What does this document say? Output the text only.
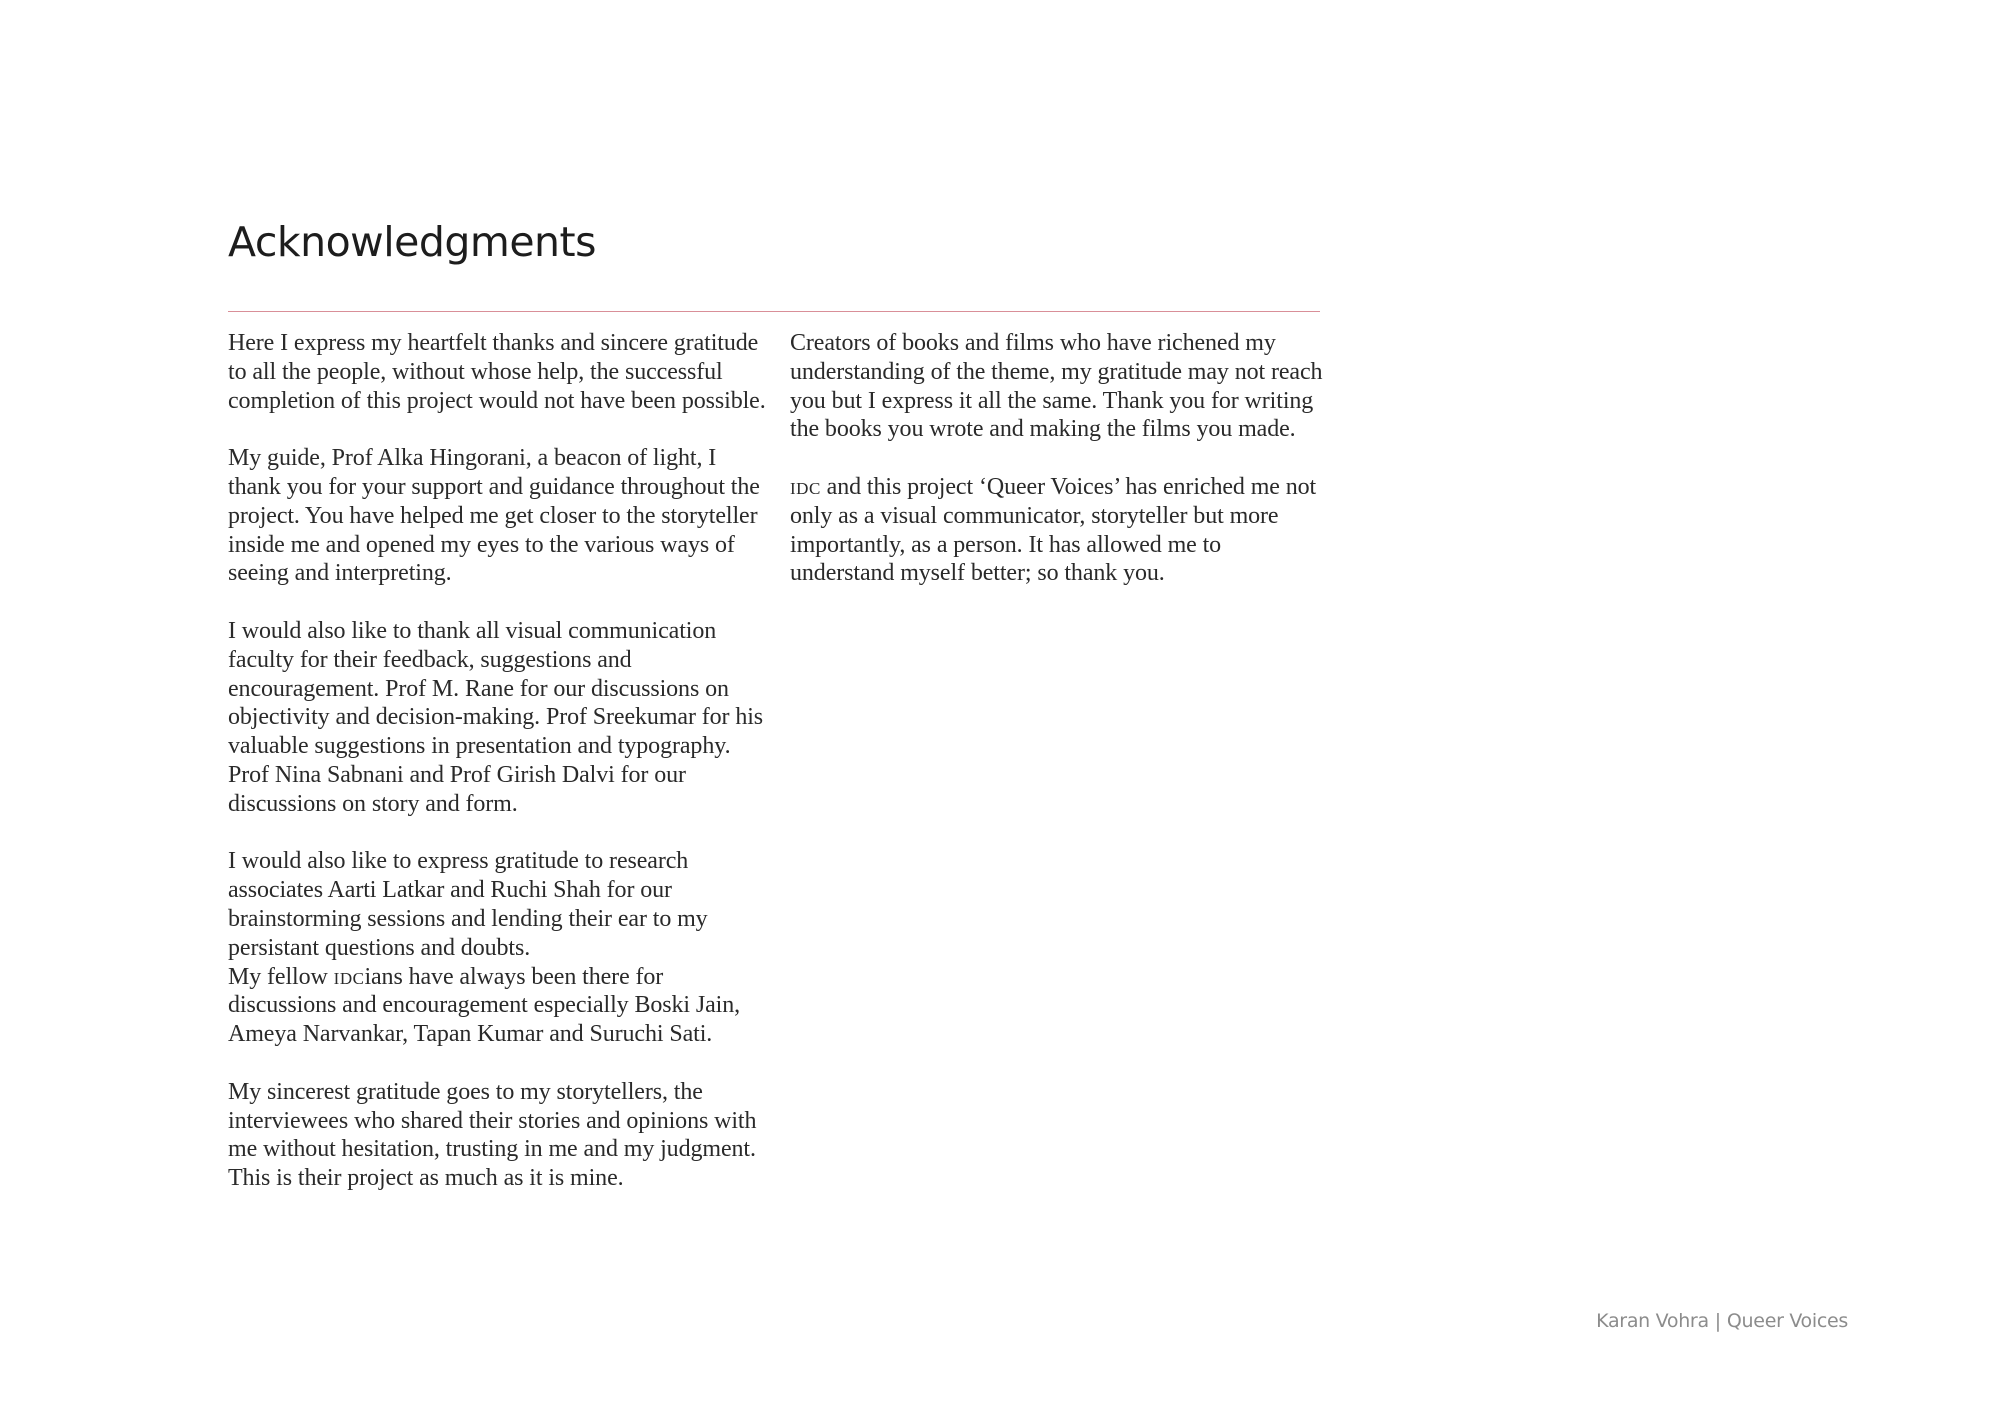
Acknowledgments

Here I express my heartfelt thanks and sincere gratitude to all the people, without whose help, the successful completion of this project would not have been possible.

My guide, Prof Alka Hingorani, a beacon of light, I thank you for your support and guidance throughout the project. You have helped me get closer to the storyteller inside me and opened my eyes to the various ways of seeing and interpreting.

I would also like to thank all visual communication faculty for their feedback, suggestions and encouragement. Prof M. Rane for our discussions on objectivity and decision-making. Prof Sreekumar for his valuable suggestions in presentation and typography. Prof Nina Sabnani and Prof Girish Dalvi for our discussions on story and form.

I would also like to express gratitude to research associates Aarti Latkar and Ruchi Shah for our brainstorming sessions and lending their ear to my persistant questions and doubts.
My fellow idcians have always been there for discussions and encouragement especially Boski Jain, Ameya Narvankar, Tapan Kumar and Suruchi Sati.

My sincerest gratitude goes to my storytellers, the interviewees who shared their stories and opinions with me without hesitation, trusting in me and my judgment. This is their project as much as it is mine.

Creators of books and films who have richened my understanding of the theme, my gratitude may not reach you but I express it all the same. Thank you for writing the books you wrote and making the films you made.

idc and this project ‘Queer Voices’ has enriched me not only as a visual communicator, storyteller but more importantly, as a person. It has allowed me to understand myself better; so thank you.

Karan Vohra | Queer Voices
